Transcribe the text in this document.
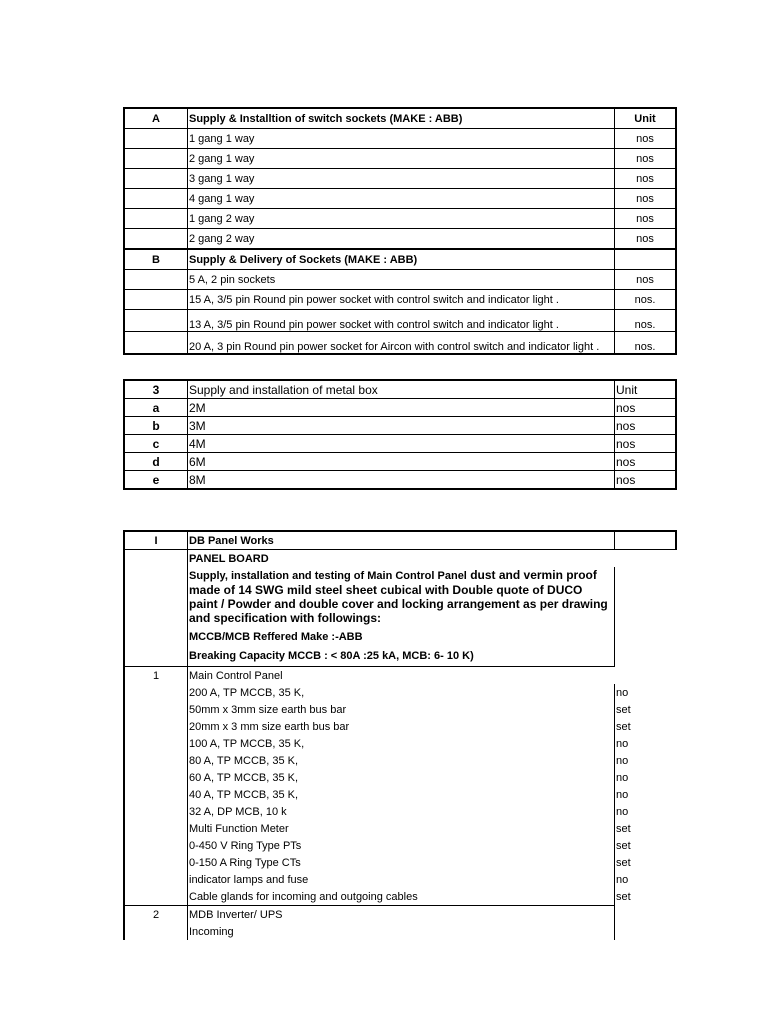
A	Supply & Installtion of switch sockets (MAKE : ABB)	Unit
	1 gang 1 way	nos
	2 gang 1 way	nos
	3 gang 1 way	nos
	4 gang 1 way	nos
	1 gang 2 way	nos
	2 gang 2 way	nos
B	Supply & Delivery of Sockets (MAKE : ABB)	
	5 A, 2 pin sockets	nos
	15 A, 3/5 pin Round pin power socket with control switch and indicator light .	nos.
	13 A, 3/5 pin Round pin power socket with control switch and indicator light .	nos.
	20 A, 3 pin Round pin power socket for Aircon with control switch and indicator light .	nos.
3	Supply and installation of metal box	Unit
a	2M	nos
b	3M	nos
c	4M	nos
d	6M	nos
e	8M	nos
I	DB Panel Works	
	PANEL BOARD	
	Supply, installation and testing of Main Control Panel dust and vermin proof made of 14 SWG mild steel sheet cubical with Double quote of DUCO paint / Powder and double cover and locking arrangement as per drawing and specification with followings:	
	MCCB/MCB Reffered Make :-ABB	
	Breaking Capacity MCCB : < 80A :25 kA, MCB: 6- 10 K)	
1	Main Control Panel	
	200 A, TP MCCB, 35 K,	no
	50mm x 3mm size earth bus bar	set
	20mm x 3 mm size earth bus bar	set
	100 A, TP MCCB, 35 K,	no
	80 A, TP MCCB, 35 K,	no
	60 A, TP MCCB, 35 K,	no
	40 A, TP MCCB, 35 K,	no
	32 A, DP MCB, 10 k	no
	Multi Function Meter	set
	0-450 V Ring Type PTs	set
	0-150 A Ring Type CTs	set
	indicator lamps and fuse	no
	Cable glands for incoming and outgoing cables	set
2	MDB Inverter/ UPS	
	Incoming	
